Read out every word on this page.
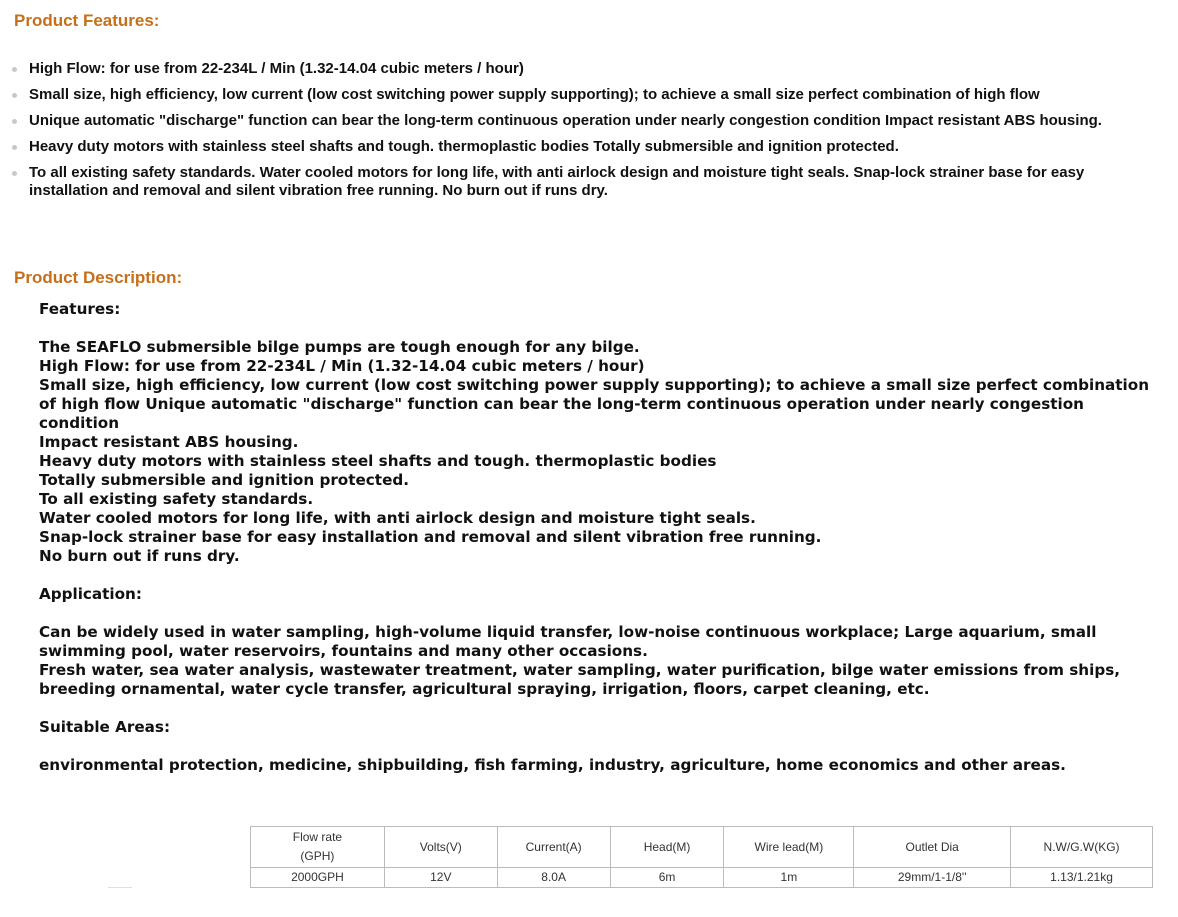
Product Features:
High Flow: for use from 22-234L / Min (1.32-14.04 cubic meters / hour)
Small size, high efficiency, low current (low cost switching power supply supporting); to achieve a small size perfect combination of high flow
Unique automatic "discharge" function can bear the long-term continuous operation under nearly congestion condition Impact resistant ABS housing.
Heavy duty motors with stainless steel shafts and tough. thermoplastic bodies Totally submersible and ignition protected.
To all existing safety standards. Water cooled motors for long life, with anti airlock design and moisture tight seals. Snap-lock strainer base for easy installation and removal and silent vibration free running. No burn out if runs dry.
Product Description:

Features:

The SEAFLO submersible bilge pumps are tough enough for any bilge.

High Flow: for use from 22-234L / Min (1.32-14.04 cubic meters / hour)

Small size, high efficiency, low current (low cost switching power supply supporting); to achieve a small size perfect combination of high flow Unique automatic "discharge" function can bear the long-term continuous operation under nearly congestion condition

Impact resistant ABS housing.

Heavy duty motors with stainless steel shafts and tough. thermoplastic bodies

Totally submersible and ignition protected.

To all existing safety standards.

Water cooled motors for long life, with anti airlock design and moisture tight seals.

Snap-lock strainer base for easy installation and removal and silent vibration free running.

No burn out if runs dry.

Application:

Can be widely used in water sampling, high-volume liquid transfer, low-noise continuous workplace; Large aquarium, small swimming pool, water reservoirs, fountains and many other occasions.

Fresh water, sea water analysis, wastewater treatment, water sampling, water purification, bilge water emissions from ships, breeding ornamental, water cycle transfer, agricultural spraying, irrigation, floors, carpet cleaning, etc.

Suitable Areas:

environmental protection, medicine, shipbuilding, fish farming, industry, agriculture, home economics and other areas.

Flow rate
(GPH)	Volts(V)	Current(A)	Head(M)	Wire lead(M)	Outlet Dia	N.W/G.W(KG)
2000GPH	12V	8.0A	6m	1m	29mm/1-1/8''	1.13/1.21kg
